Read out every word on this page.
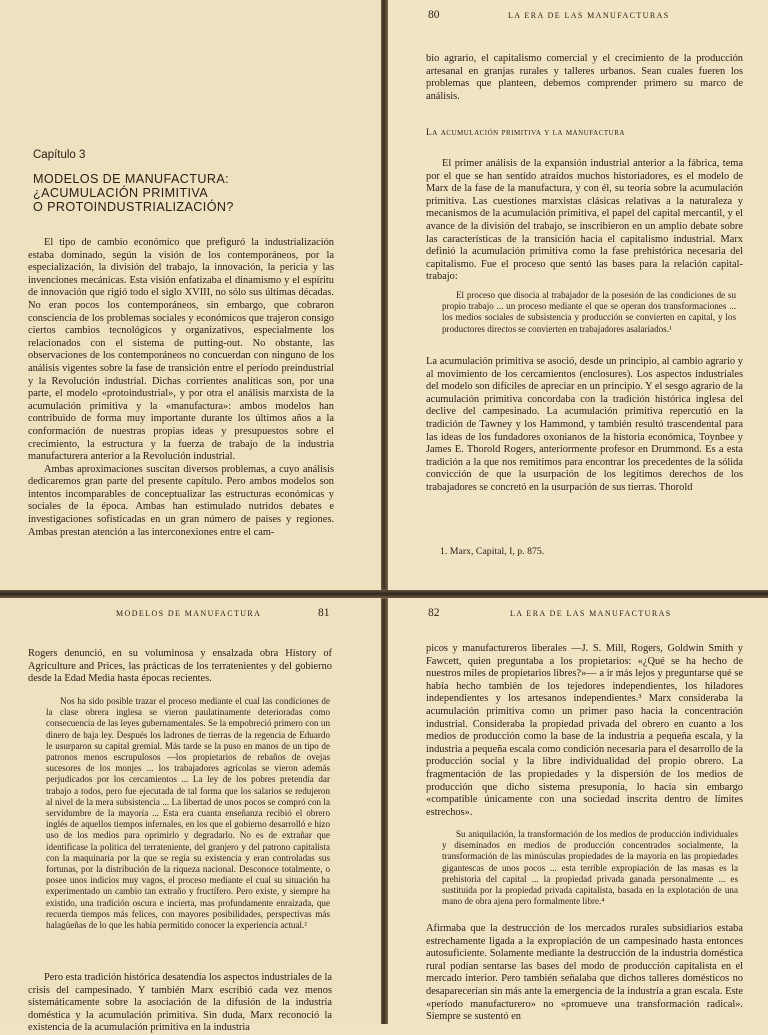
Capítulo 3
MODELOS DE MANUFACTURA:
¿ACUMULACIÓN PRIMITIVA
O PROTOINDUSTRIALIZACIÓN?

El tipo de cambio económico que prefiguró la industrialización estaba dominado, según la visión de los contemporáneos, por la especialización, la división del trabajo, la innovación, la pericia y las invenciones mecánicas. Esta visión enfatizaba el dinamismo y el espíritu de innovación que rigió todo el siglo XVIII, no sólo sus últimas décadas. No eran pocos los contemporáneos, sin embargo, que cobraron consciencia de los problemas sociales y económicos que trajeron consigo ciertos cambios tecnológicos y organizativos, especialmente los relacionados con el sistema de putting-out. No obstante, las observaciones de los contemporáneos no concuerdan con ninguno de los análisis vigentes sobre la fase de transición entre el período preindustrial y la Revolución industrial. Dichas corrientes analíticas son, por una parte, el modelo «protoindustrial», y por otra el análisis marxista de la acumulación primitiva y la «manufactura»: ambos modelos han contribuido de forma muy importante durante los últimos años a la conformación de nuestras propias ideas y presupuestos sobre el crecimiento, la estructura y la fuerza de trabajo de la industria manufacturera anterior a la Revolución industrial.

Ambas aproximaciones suscitan diversos problemas, a cuyo análisis dedicaremos gran parte del presente capítulo. Pero ambos modelos son intentos incomparables de conceptualizar las estructuras económicas y sociales de la época. Ambas han estimulado nutridos debates e investigaciones sofisticadas en un gran número de países y regiones. Ambas prestan atención a las interconexiones entre el cam-

80	LA ERA DE LAS MANUFACTURAS

bio agrario, el capitalismo comercial y el crecimiento de la producción artesanal en granjas rurales y talleres urbanos. Sean cuales fueren los problemas que planteen, debemos comprender primero su marco de análisis.

La acumulación primitiva y la manufactura

El primer análisis de la expansión industrial anterior a la fábrica, tema por el que se han sentido atraídos muchos historiadores, es el modelo de Marx de la fase de la manufactura, y con él, su teoría sobre la acumulación primitiva. Las cuestiones marxistas clásicas relativas a la naturaleza y mecanismos de la acumulación primitiva, el papel del capital mercantil, y el avance de la división del trabajo, se inscribieron en un amplio debate sobre las características de la transición hacia el capitalismo industrial. Marx definió la acumulación primitiva como la fase prehistórica necesaria del capitalismo. Fue el proceso que sentó las bases para la relación capital-trabajo:

El proceso que disocia al trabajador de la posesión de las condiciones de su propio trabajo ... un proceso mediante el que se operan dos transformaciones ... los medios sociales de subsistencia y producción se convierten en capital, y los productores directos se convierten en trabajadores asalariados.¹

La acumulación primitiva se asoció, desde un principio, al cambio agrario y al movimiento de los cercamientos (enclosures). Los aspectos industriales del modelo son difíciles de apreciar en un principio. Y el sesgo agrario de la acumulación primitiva concordaba con la tradición histórica inglesa del declive del campesinado. La acumulación primitiva repercutió en la tradición de Tawney y los Hammond, y también resultó trascendental para las ideas de los fundadores oxonianos de la historia económica, Toynbee y James E. Thorold Rogers, anteriormente profesor en Drummond. Es a esta tradición a la que nos remitimos para encontrar los precedentes de la sólida convicción de que la usurpación de los legítimos derechos de los trabajadores se concretó en la usurpación de sus tierras. Thorold

1. Marx, Capital, I, p. 875.
MODELOS DE MANUFACTURA	81

Rogers denunció, en su voluminosa y ensalzada obra History of Agriculture and Prices, las prácticas de los terratenientes y del gobierno desde la Edad Media hasta épocas recientes.

Nos ha sido posible trazar el proceso mediante el cual las condiciones de la clase obrera inglesa se vieron paulatinamente deterioradas como consecuencia de las leyes gubernamentales. Se la empobreció primero con un dinero de baja ley. Después los ladrones de tierras de la regencia de Eduardo le usurparon su capital gremial. Más tarde se la puso en manos de un tipo de patronos menos escrupulosos —los propietarios de rebaños de ovejas sucesores de los monjes ... los trabajadores agrícolas se vieron además perjudicados por los cercamientos ... La ley de los pobres pretendía dar trabajo a todos, pero fue ejecutada de tal forma que los salarios se redujeron al nivel de la mera subsistencia ... La libertad de unos pocos se compró con la servidumbre de la mayoría ... Esta era cuanta enseñanza recibió el obrero inglés de aquellos tiempos infernales, en los que el gobierno desarrolló e hizo uso de los medios para oprimirlo y degradarlo. No es de extrañar que identificase la política del terrateniente, del granjero y del patrono capitalista con la maquinaria por la que se regía su existencia y eran controladas sus fortunas, por la distribución de la riqueza nacional. Desconoce totalmente, o posee unos indicios muy vagos, el proceso mediante el cual su situación ha experimentado un cambio tan extraño y fructífero. Pero existe, y siempre ha existido, una tradición oscura e incierta, mas profundamente enraizada, que recuerda tiempos más felices, con mayores posibilidades, perspectivas más halagüeñas de lo que les había permitido conocer la experiencia actual.²

Pero esta tradición histórica desatendía los aspectos industriales de la crisis del campesinado. Y también Marx escribió cada vez menos sistemáticamente sobre la asociación de la difusión de la industria doméstica y la acumulación primitiva. Sin duda, Marx reconoció la existencia de la acumulación primitiva en la industria

82	LA ERA DE LAS MANUFACTURAS

picos y manufactureros liberales —J. S. Mill, Rogers, Goldwin Smith y Fawcett, quien preguntaba a los propietarios: «¿Qué se ha hecho de nuestros miles de propietarios libres?»— a ir más lejos y preguntarse qué se había hecho también de los tejedores independientes, los hiladores independientes y los artesanos independientes.³ Marx consideraba la acumulación primitiva como un primer paso hacia la concentración industrial. Consideraba la propiedad privada del obrero en cuanto a los medios de producción como la base de la industria a pequeña escala, y la industria a pequeña escala como condición necesaria para el desarrollo de la producción social y la libre individualidad del propio obrero. La fragmentación de las propiedades y la dispersión de los medios de producción que dicho sistema presuponía, lo hacía sin embargo «compatible únicamente con una sociedad inscrita dentro de límites estrechos».

Su aniquilación, la transformación de los medios de producción individuales y diseminados en medios de producción concentrados socialmente, la transformación de las minúsculas propiedades de la mayoría en las propiedades gigantescas de unos pocos ... esta terrible expropiación de las masas es la prehistoria del capital ... la propiedad privada ganada personalmente ... es sustituida por la propiedad privada capitalista, basada en la explotación de una mano de obra ajena pero formalmente libre.⁴

Afirmaba que la destrucción de los mercados rurales subsidiarios estaba estrechamente ligada a la expropiación de un campesinado hasta entonces autosuficiente. Solamente mediante la destrucción de la industria doméstica rural podían sentarse las bases del modo de producción capitalista en el mercado interior. Pero también señalaba que dichos talleres domésticos no desaparecerían sin más ante la emergencia de la industria a gran escala. Este «período manufacturero» no «promueve una transformación radical». Siempre se sustentó en
